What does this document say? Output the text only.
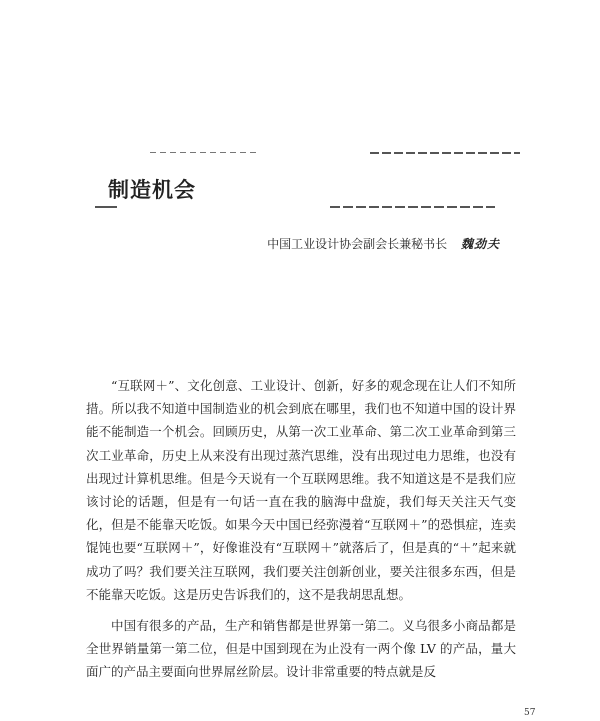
制造机会
中国工业设计协会副会长兼秘书长 魏劲夫

“互联网＋”、文化创意、工业设计、创新，好多的观念现在让人们不知所措。所以我不知道中国制造业的机会到底在哪里，我们也不知道中国的设计界能不能制造一个机会。回顾历史，从第一次工业革命、第二次工业革命到第三次工业革命，历史上从来没有出现过蒸汽思维，没有出现过电力思维，也没有出现过计算机思维。但是今天说有一个互联网思维。我不知道这是不是我们应该讨论的话题，但是有一句话一直在我的脑海中盘旋，我们每天关注天气变化，但是不能靠天吃饭。如果今天中国已经弥漫着“互联网＋”的恐惧症，连卖馄饨也要“互联网＋”，好像谁没有“互联网＋”就落后了，但是真的“＋”起来就成功了吗？我们要关注互联网，我们要关注创新创业，要关注很多东西，但是不能靠天吃饭。这是历史告诉我们的，这不是我胡思乱想。

中国有很多的产品，生产和销售都是世界第一第二。义乌很多小商品都是全世界销量第一第二位，但是中国到现在为止没有一两个像 LV 的产品，量大面广的产品主要面向世界屌丝阶层。设计非常重要的特点就是反

57
